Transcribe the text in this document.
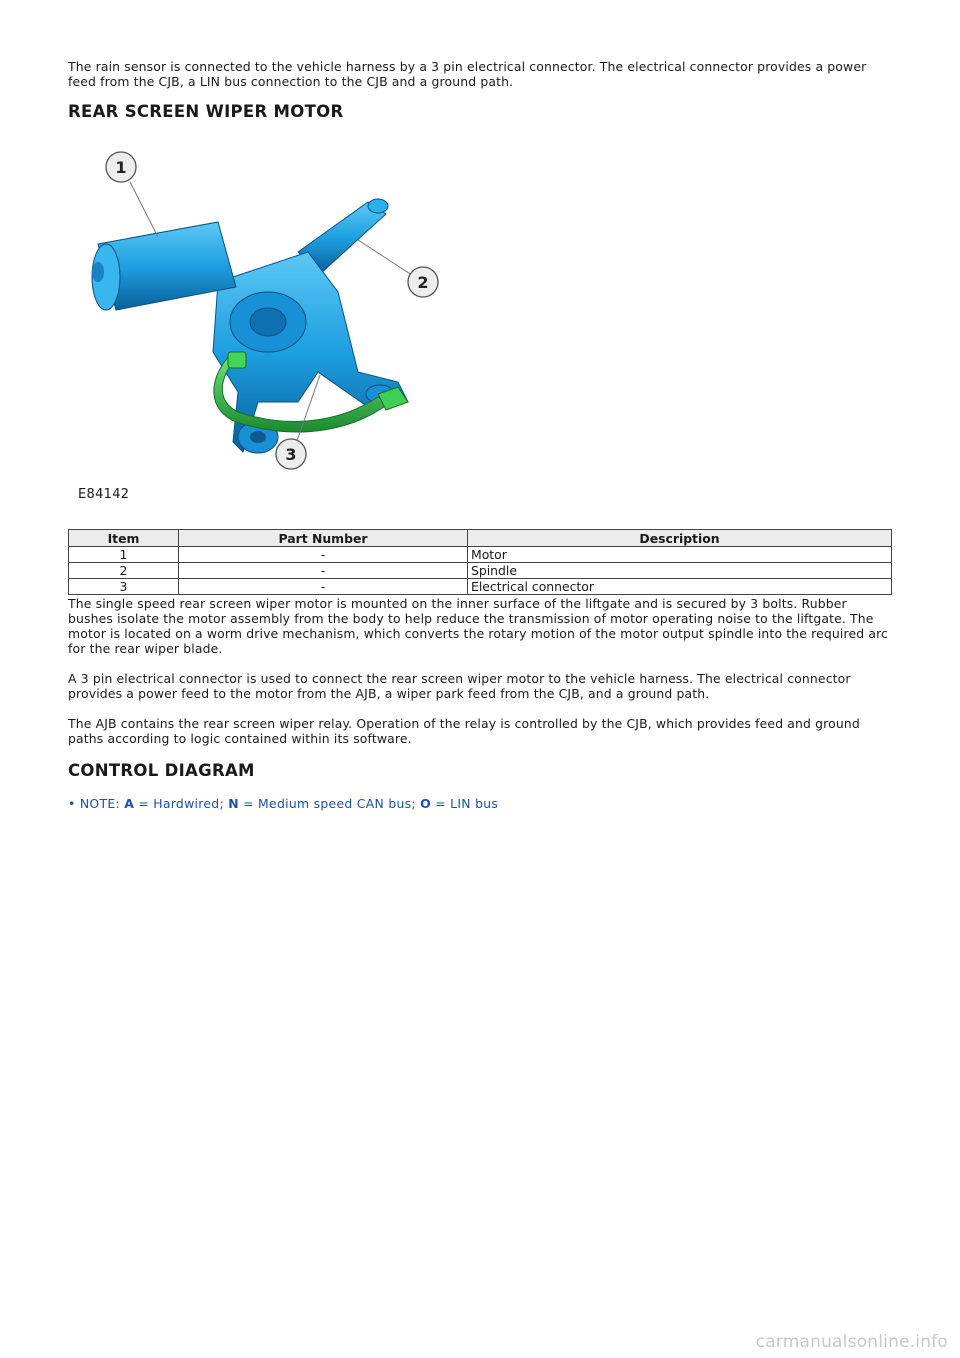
The rain sensor is connected to the vehicle harness by a 3 pin electrical connector. The electrical connector provides a power feed from the CJB, a LIN bus connection to the CJB and a ground path.

REAR SCREEN WIPER MOTOR
1
2
3
E84142
Item	Part Number	Description
1	-	Motor
2	-	Spindle
3	-	Electrical connector

The single speed rear screen wiper motor is mounted on the inner surface of the liftgate and is secured by 3 bolts. Rubber bushes isolate the motor assembly from the body to help reduce the transmission of motor operating noise to the liftgate. The motor is located on a worm drive mechanism, which converts the rotary motion of the motor output spindle into the required arc for the rear wiper blade.

A 3 pin electrical connector is used to connect the rear screen wiper motor to the vehicle harness. The electrical connector provides a power feed to the motor from the AJB, a wiper park feed from the CJB, and a ground path.

The AJB contains the rear screen wiper relay. Operation of the relay is controlled by the CJB, which provides feed and ground paths according to logic contained within its software.

CONTROL DIAGRAM

• NOTE: A = Hardwired; N = Medium speed CAN bus; O = LIN bus

carmanualsonline.info
